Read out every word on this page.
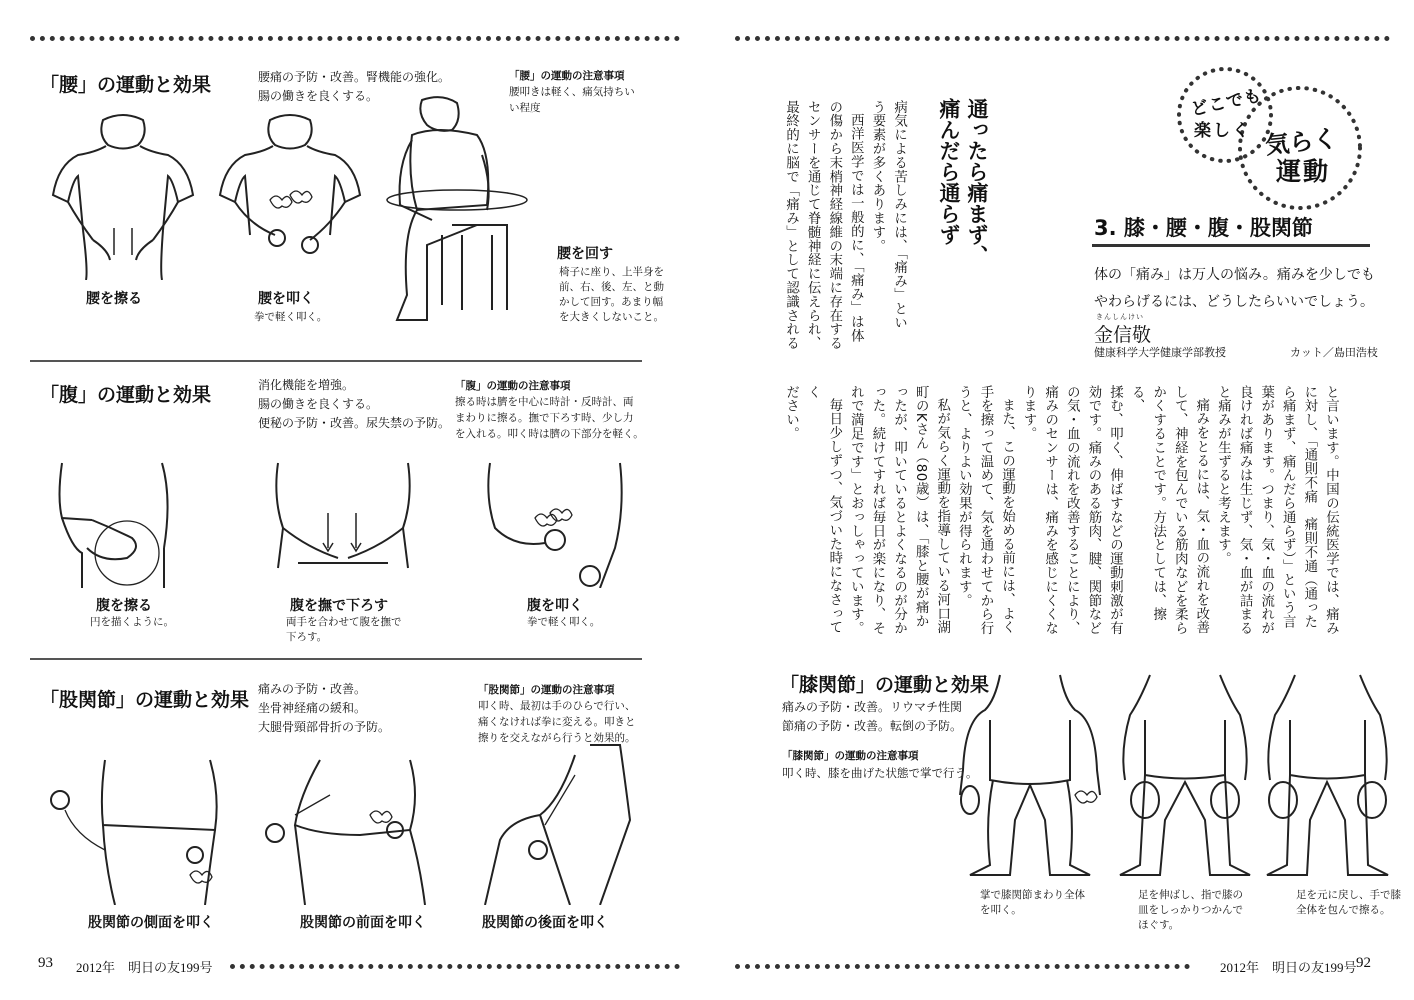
「腰」の運動と効果	腰痛の予防・改善。腎機能の強化。
腸の働きを良くする。
「腰」の運動の注意事項
腰叩きは軽く、痛気持ちい
い程度
腰を擦る	腰を叩く
拳で軽く叩く。
腰を回す
椅子に座り、上半身を
前、右、後、左、と動
かして回す。あまり幅
を大きくしないこと。
「腹」の運動と効果	消化機能を増強。
腸の働きを良くする。
便秘の予防・改善。尿失禁の予防。
「腹」の運動の注意事項
擦る時は臍を中心に時計・反時計、両
まわりに擦る。撫で下ろす時、少し力
を入れる。叩く時は臍の下部分を軽く。
腹を擦る
円を描くように。
腹を撫で下ろす
両手を合わせて腹を撫で
下ろす。
腹を叩く
拳で軽く叩く。
「股関節」の運動と効果 痛みの予防・改善。
坐骨神経痛の緩和。
大腿骨頸部骨折の予防。
「股関節」の運動の注意事項
叩く時、最初は手のひらで行い、
痛くなければ拳に変える。叩きと
擦りを交えながら行うと効果的。
股関節の側面を叩く	股関節の前面を叩く	股関節の後面を叩く
93 2012年　明日の友199号
どこでも
楽しく 気らく
運動
3. 膝・腰・腹・股関節
体の「痛み」は万人の悩み。痛みを少しでも
やわらげるには、どうしたらいいでしょう。
きんしんけい
金信敬
健康科学大学健康学部教授	カット／島田浩枝
通ったら痛まず、
痛んだら通らず
病気による苦しみには、「痛み」とい
う要素が多くあります。
西洋医学では一般的に、「痛み」は体
の傷から末梢神経線維の末端に存在する
センサーを通じて脊髄神経に伝えられ、
最終的に脳で「痛み」として認識される
と言います。中国の伝統医学では、痛み
に対し、「通則不痛　痛則不通（通った
ら痛まず、痛んだら通らず）」という言
葉があります。つまり、気・血の流れが
良ければ痛みは生じず、気・血が詰まる
と痛みが生ずると考えます。
痛みをとるには、気・血の流れを改善
して、神経を包んでいる筋肉などを柔ら
かくすることです。方法としては、擦る、
揉む、叩く、伸ばすなどの運動刺激が有
効です。痛みのある筋肉、腱、関節など
の気・血の流れを改善することにより、
痛みのセンサーは、痛みを感じにくくな
ります。
また、この運動を始める前には、よく
手を擦って温めて、気を通わせてから行
うと、よりよい効果が得られます。
私が気らく運動を指導している河口湖
町のKさん（80歳）は、「膝と腰が痛か
ったが、叩いているとよくなるのが分か
った。続けてすれば毎日が楽になり、そ
れで満足です」とおっしゃっています。
毎日少しずつ、気づいた時になさってく
ださい。
「膝関節」の運動と効果
痛みの予防・改善。リウマチ性関
節痛の予防・改善。転倒の予防。
「膝関節」の運動の注意事項
叩く時、膝を曲げた状態で掌で行う。
掌で膝関節まわり全体
を叩く。
足を伸ばし、指で膝の
皿をしっかりつかんで
ほぐす。
足を元に戻し、手で膝
全体を包んで擦る。
2012年　明日の友199号 92
